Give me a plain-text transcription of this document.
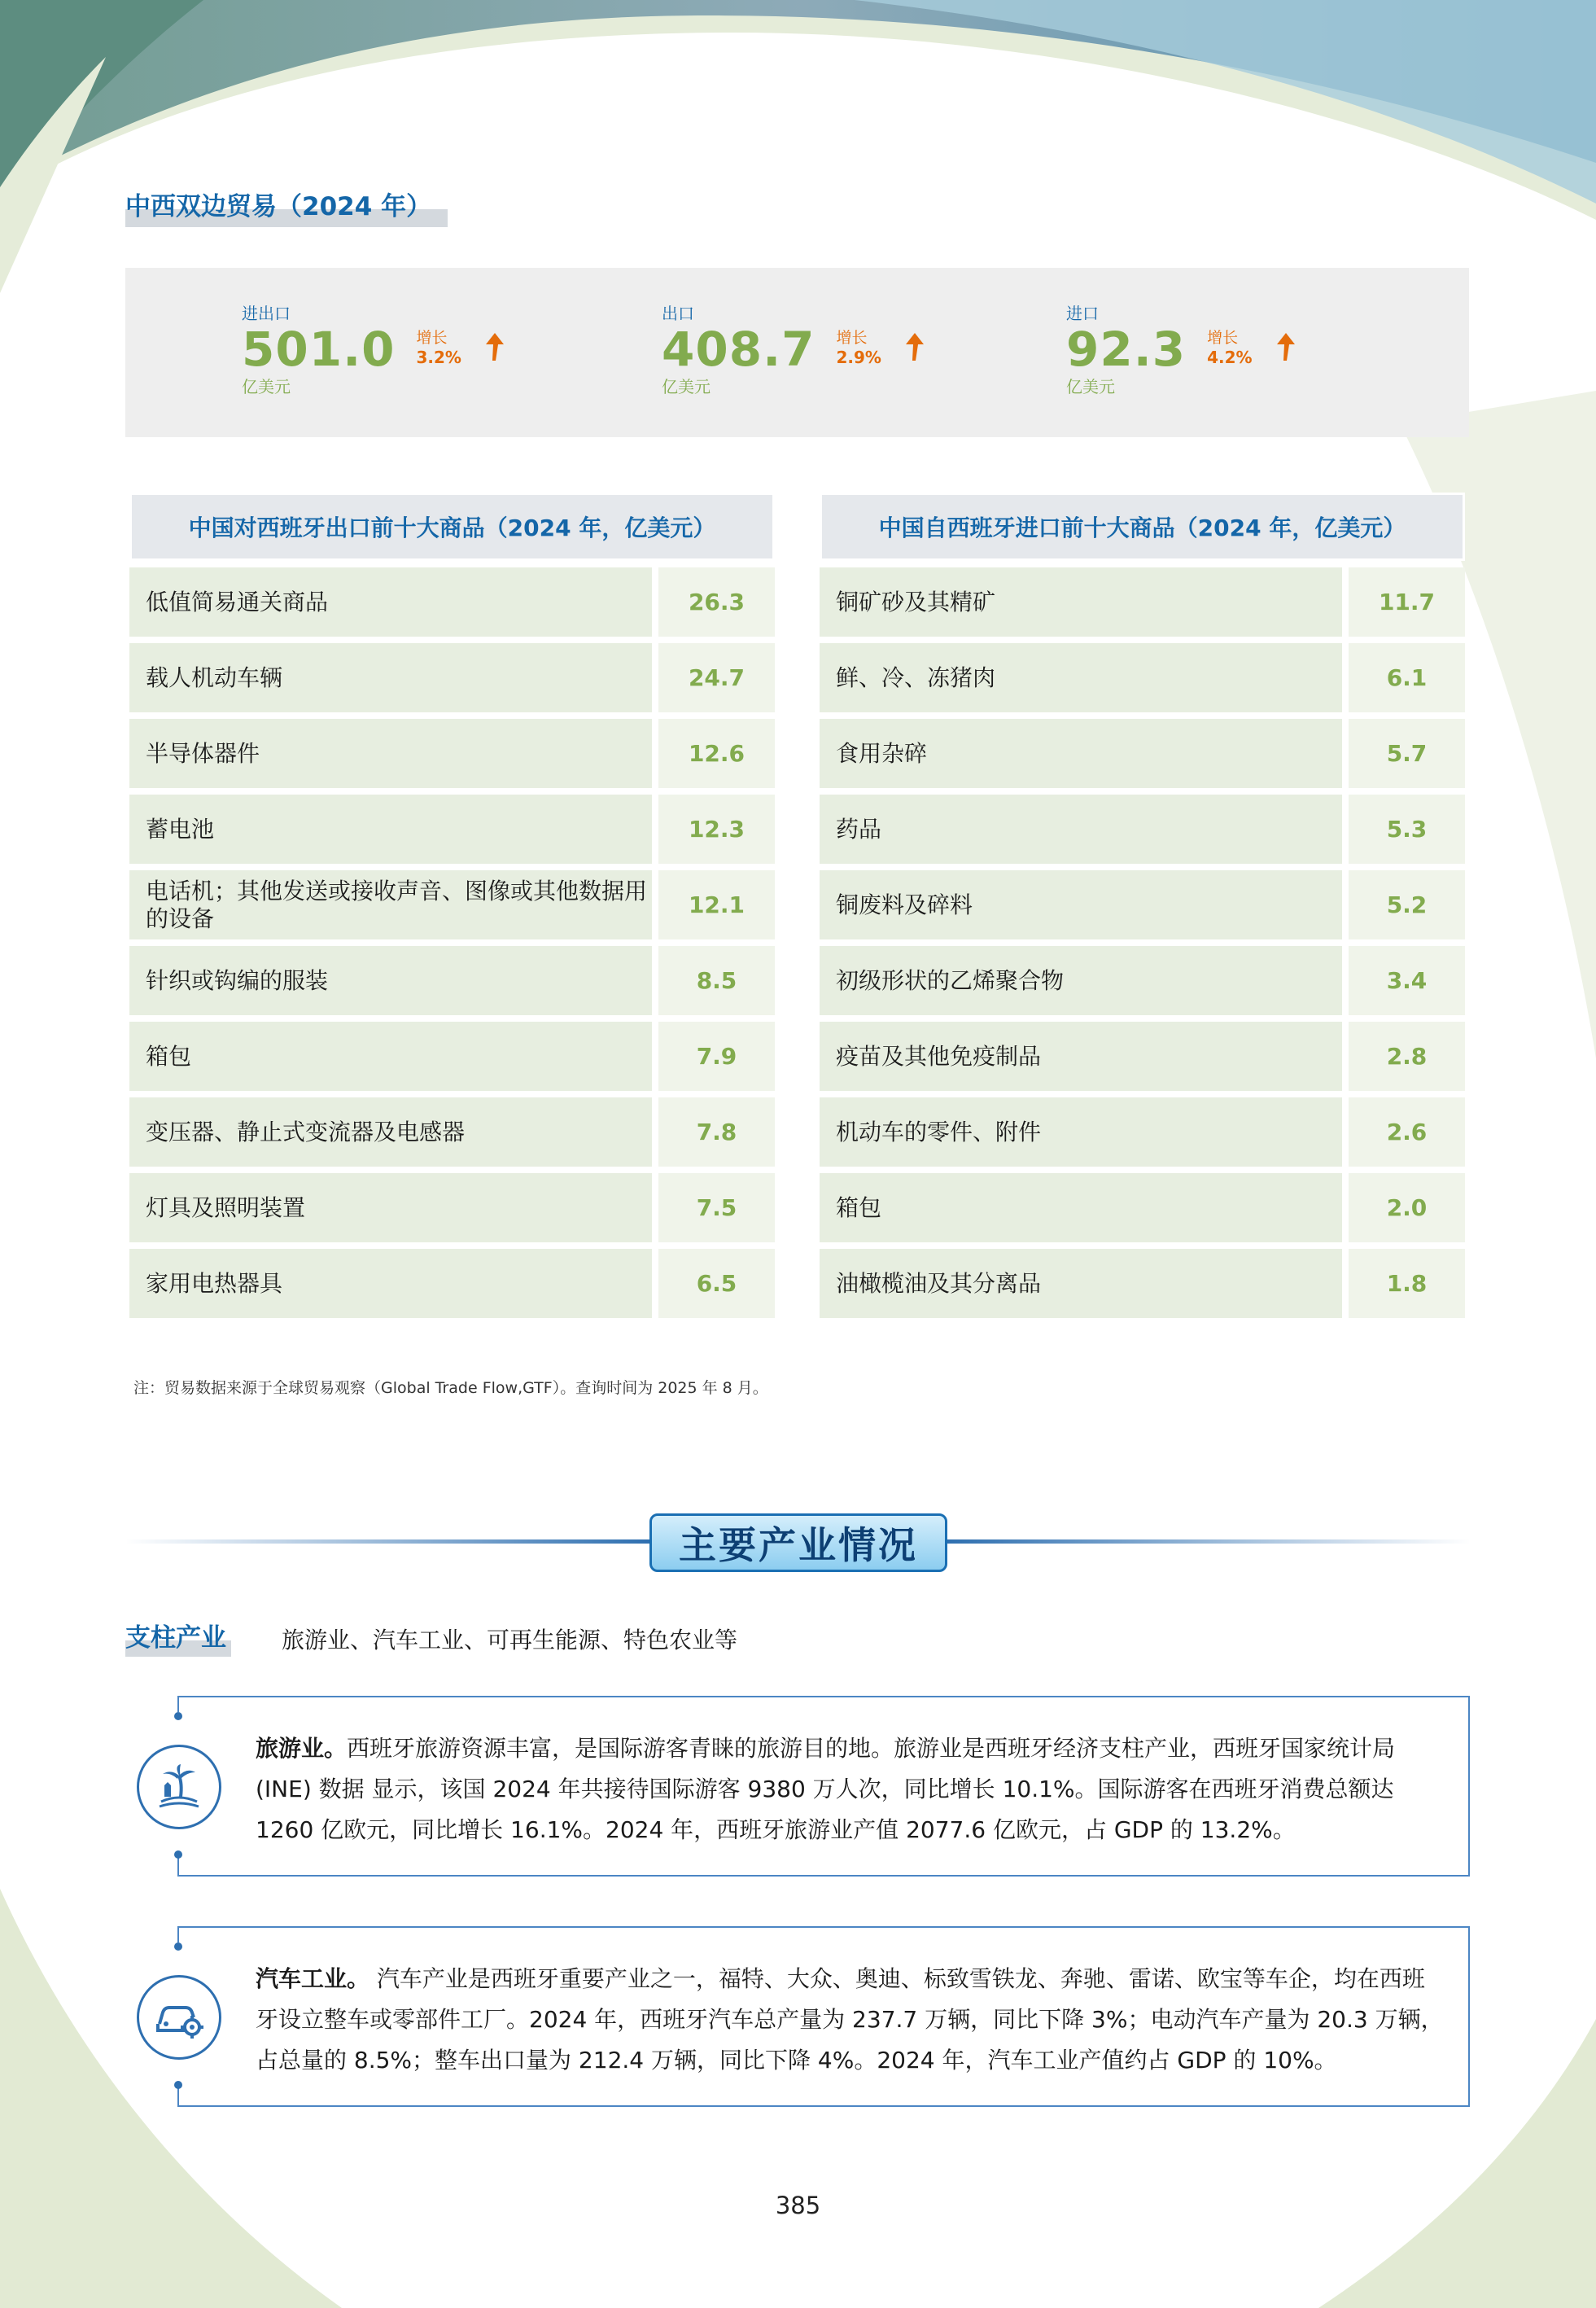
中西双边贸易（2024 年）
进出口
501.0 增长
3.2%
亿美元
出口
408.7 增长
2.9%
亿美元
进口
92.3 增长
4.2%
亿美元
中国对西班牙出口前十大商品（2024 年，亿美元）
低值简易通关商品	26.3
载人机动车辆	24.7
半导体器件	12.6
蓄电池	12.3
电话机；其他发送或接收声音、图像或其他数据用的设备	12.1
针织或钩编的服装	8.5
箱包	7.9
变压器、静止式变流器及电感器	7.8
灯具及照明装置	7.5
家用电热器具	6.5
中国自西班牙进口前十大商品（2024 年，亿美元）
铜矿砂及其精矿	11.7
鲜、冷、冻猪肉	6.1
食用杂碎	5.7
药品	5.3
铜废料及碎料	5.2
初级形状的乙烯聚合物	3.4
疫苗及其他免疫制品	2.8
机动车的零件、附件	2.6
箱包	2.0
油橄榄油及其分离品	1.8
注：贸易数据来源于全球贸易观察（Global Trade Flow,GTF）。查询时间为 2025 年 8 月。
主要产业情况
支柱产业 旅游业、汽车工业、可再生能源、特色农业等
旅游业。西班牙旅游资源丰富，是国际游客青睐的旅游目的地。旅游业是西班牙经济支柱产业，西班牙国家统计局 (INE) 数据 显示，该国 2024 年共接待国际游客 9380 万人次，同比增长 10.1%。国际游客在西班牙消费总额达 1260 亿欧元，同比增长 16.1%。2024 年，西班牙旅游业产值 2077.6 亿欧元，占 GDP 的 13.2%。
汽车工业。 汽车产业是西班牙重要产业之一，福特、大众、奥迪、标致雪铁龙、奔驰、雷诺、欧宝等车企，均在西班牙设立整车或零部件工厂。2024 年，西班牙汽车总产量为 237.7 万辆，同比下降 3%；电动汽车产量为 20.3 万辆，占总量的 8.5%；整车出口量为 212.4 万辆，同比下降 4%。2024 年，汽车工业产值约占 GDP 的 10%。
385
